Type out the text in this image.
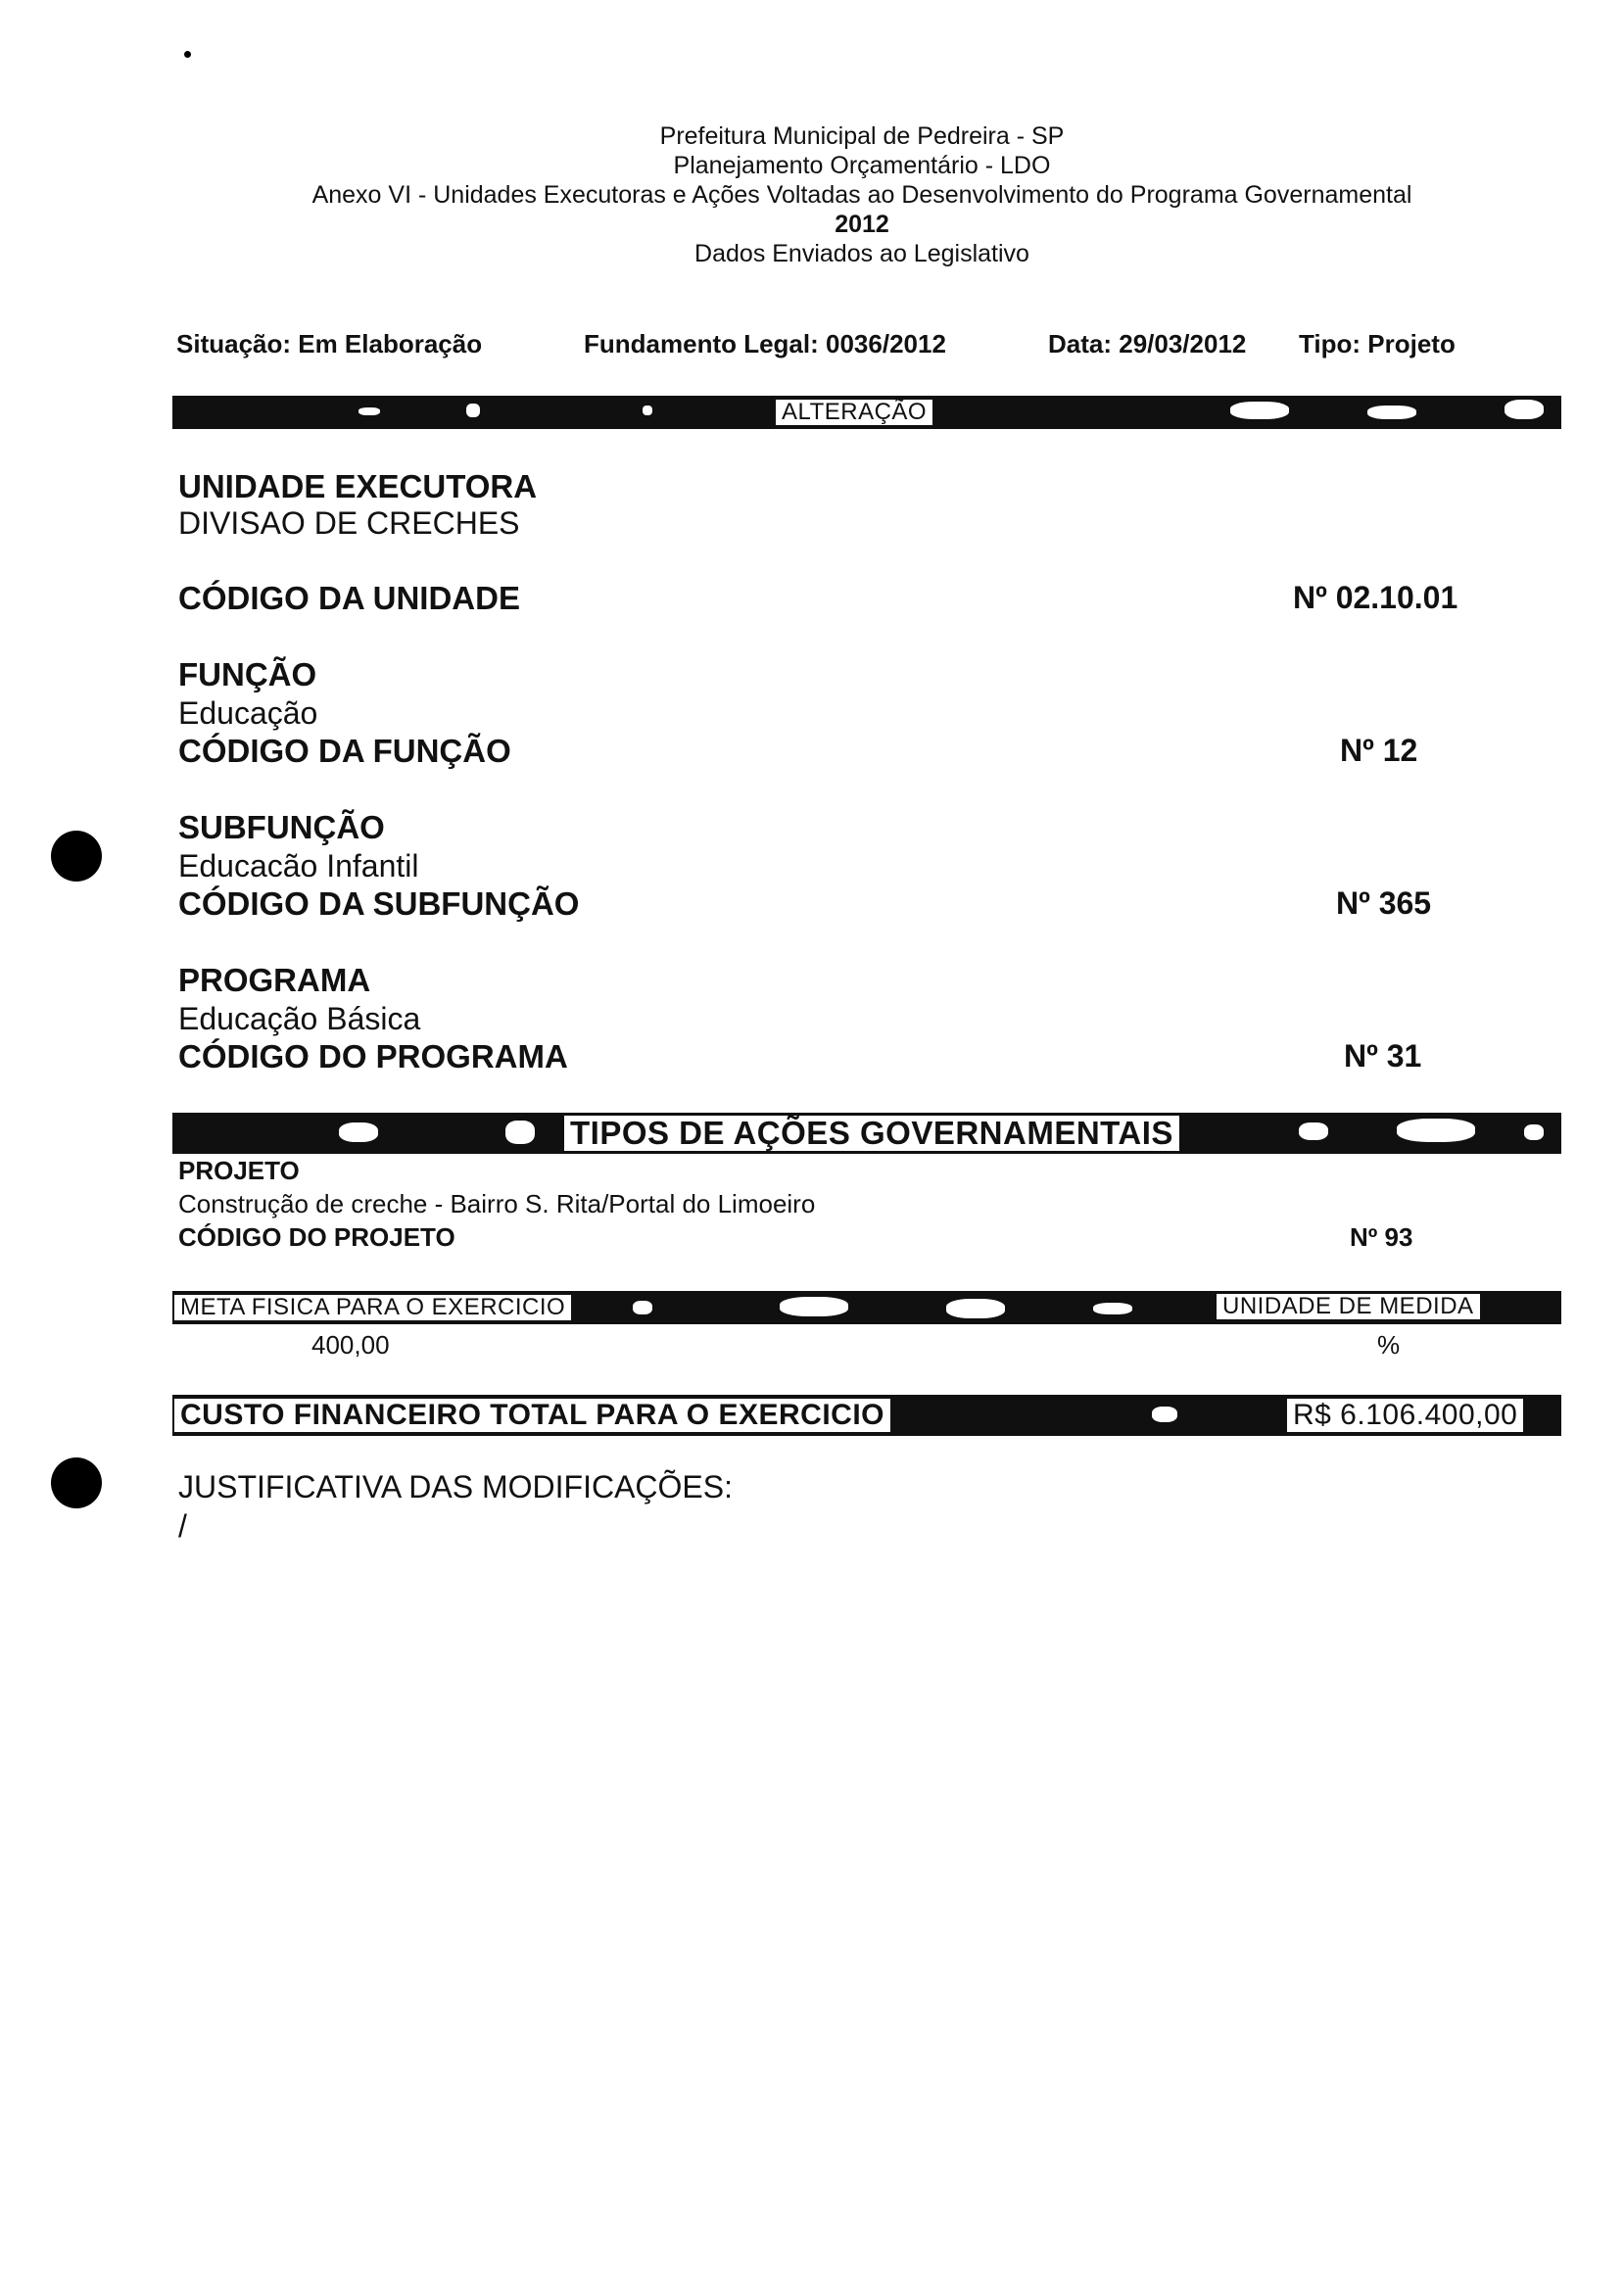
Prefeitura Municipal de Pedreira - SP
Planejamento Orçamentário - LDO
Anexo VI - Unidades Executoras e Ações Voltadas ao Desenvolvimento do Programa Governamental
2012
Dados Enviados ao Legislativo
Situação: Em Elaboração	Fundamento Legal: 0036/2012	Data: 29/03/2012 Tipo: Projeto
ALTERAÇÃO
UNIDADE EXECUTORA
DIVISAO DE CRECHES
CÓDIGO DA UNIDADE	Nº 02.10.01
FUNÇÃO
Educação
CÓDIGO DA FUNÇÃO	Nº 12
SUBFUNÇÃO
Educacão Infantil
CÓDIGO DA SUBFUNÇÃO	Nº 365
PROGRAMA
Educação Básica
CÓDIGO DO PROGRAMA	Nº 31
TIPOS DE AÇÕES GOVERNAMENTAIS
PROJETO
Construção de creche - Bairro S. Rita/Portal do Limoeiro
CÓDIGO DO PROJETO	Nº 93
META FISICA PARA O EXERCICIO	UNIDADE DE MEDIDA
400,00	%
CUSTO FINANCEIRO TOTAL PARA O EXERCICIO	R$ 6.106.400,00
JUSTIFICATIVA DAS MODIFICAÇÕES:
/
